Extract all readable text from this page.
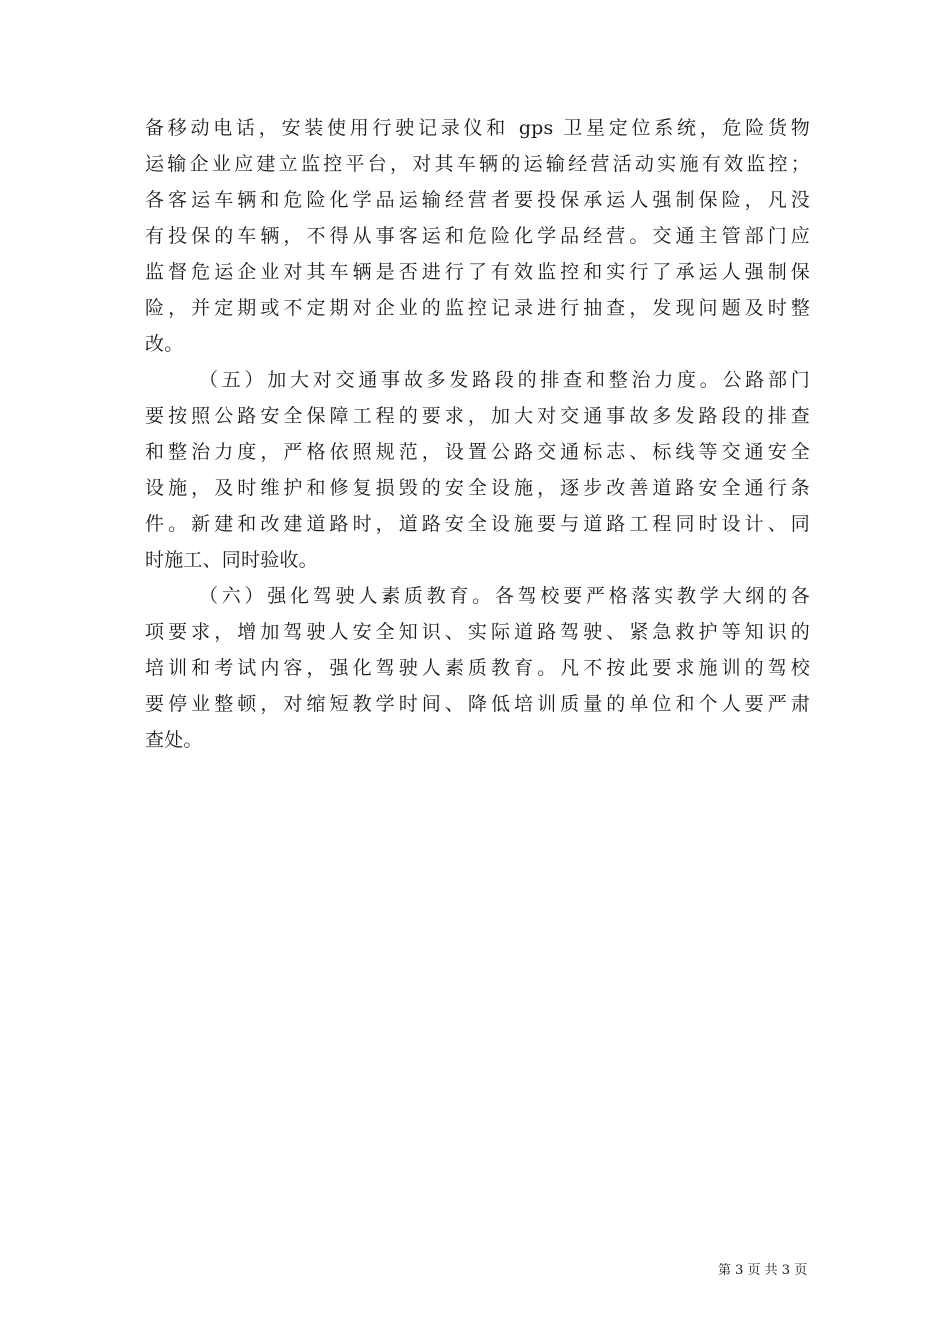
备移动电话，安装使用行驶记录仪和 gps 卫星定位系统，危险货物
运输企业应建立监控平台，对其车辆的运输经营活动实施有效监控；
各客运车辆和危险化学品运输经营者要投保承运人强制保险，凡没
有投保的车辆，不得从事客运和危险化学品经营。交通主管部门应
监督危运企业对其车辆是否进行了有效监控和实行了承运人强制保
险，并定期或不定期对企业的监控记录进行抽查，发现问题及时整
改。
（五）加大对交通事故多发路段的排查和整治力度。公路部门
要按照公路安全保障工程的要求，加大对交通事故多发路段的排查
和整治力度，严格依照规范，设置公路交通标志、标线等交通安全
设施，及时维护和修复损毁的安全设施，逐步改善道路安全通行条
件。新建和改建道路时，道路安全设施要与道路工程同时设计、同
时施工、同时验收。
（六）强化驾驶人素质教育。各驾校要严格落实教学大纲的各
项要求，增加驾驶人安全知识、实际道路驾驶、紧急救护等知识的
培训和考试内容，强化驾驶人素质教育。凡不按此要求施训的驾校
要停业整顿，对缩短教学时间、降低培训质量的单位和个人要严肃
查处。
第 3 页 共 3 页
